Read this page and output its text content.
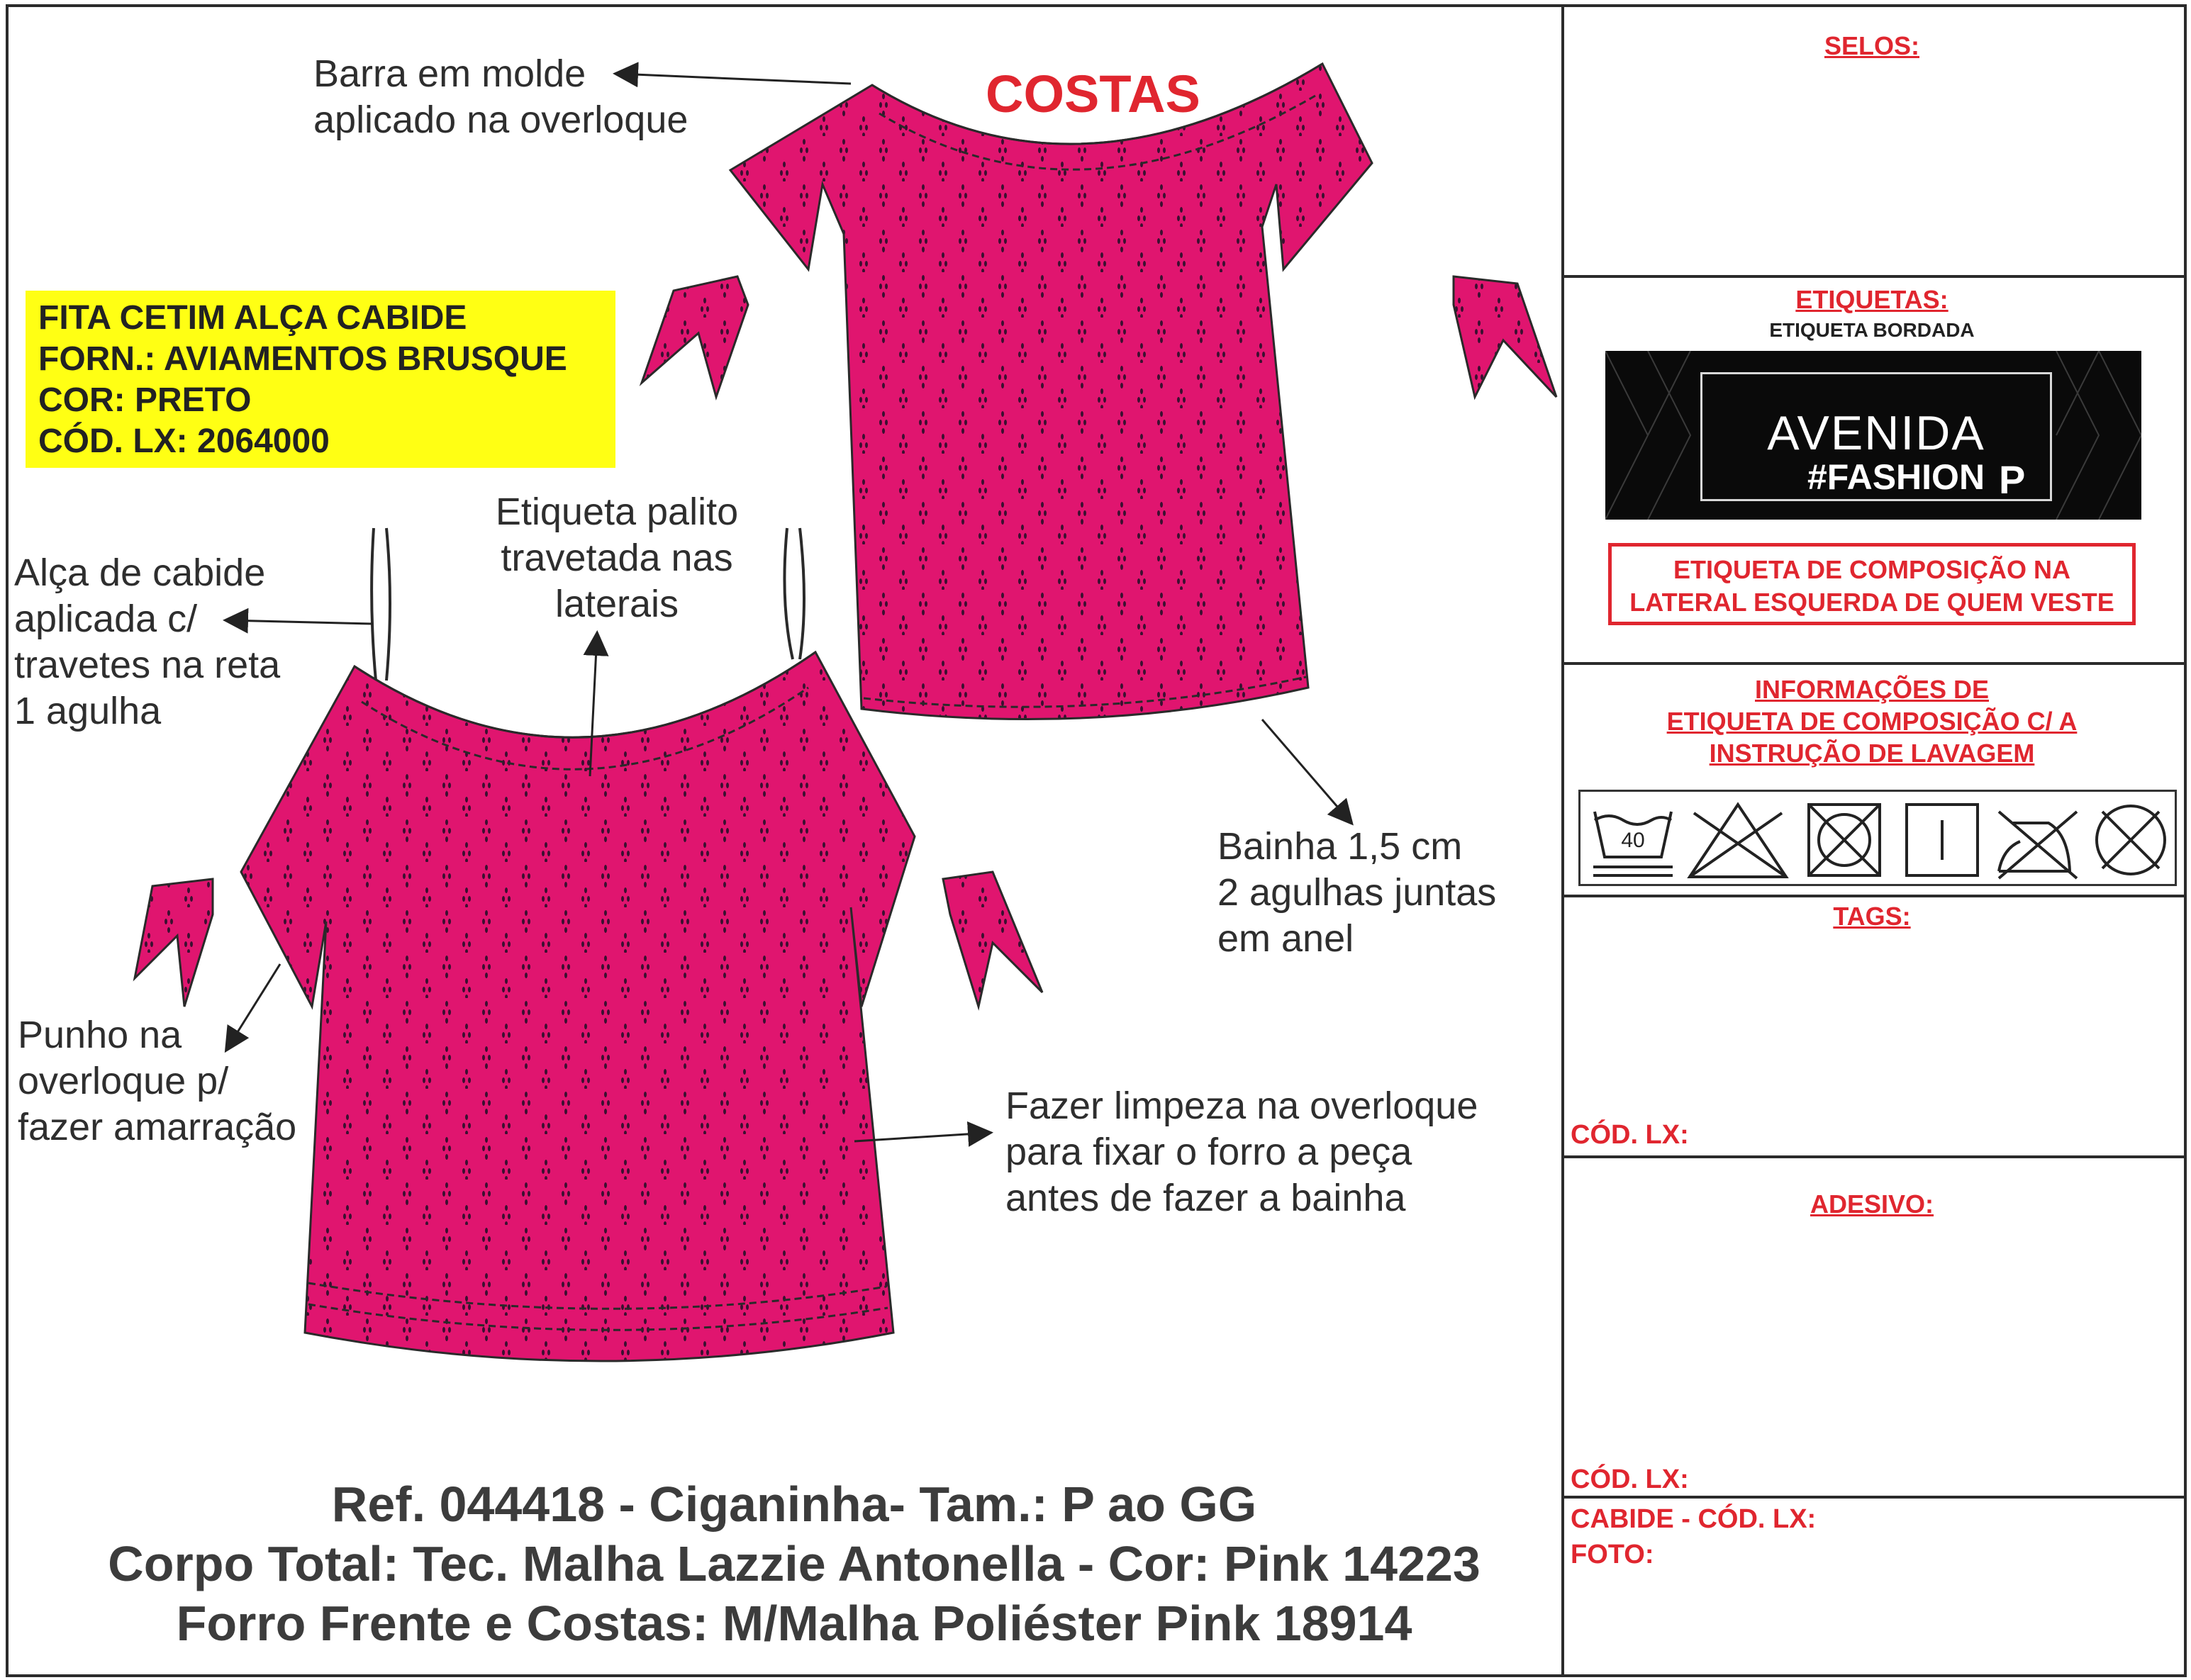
COSTAS
Barra em molde
aplicado na overloque
Etiqueta palito
travetada nas
laterais
Alça de cabide
aplicada c/
travetes na reta
1 agulha
Bainha 1,5 cm
2 agulhas juntas
em anel
Punho na
overloque p/
fazer amarração	Fazer limpeza na overloque
para fixar o forro a peça
antes de fazer a bainha
FITA CETIM ALÇA CABIDE
FORN.: AVIAMENTOS BRUSQUE
COR: PRETO
CÓD. LX: 2064000
Ref. 044418 - Ciganinha- Tam.: P ao GG
Corpo Total: Tec. Malha Lazzie Antonella - Cor: Pink 14223
Forro Frente e Costas: M/Malha Poliéster Pink 18914
SELOS:
ETIQUETAS:
ETIQUETA BORDADA
AVENIDA
#FASHION P
ETIQUETA DE COMPOSIÇÃO NA
LATERAL ESQUERDA DE QUEM VESTE
INFORMAÇÕES DE
ETIQUETA DE COMPOSIÇÃO C/ A
INSTRUÇÃO DE LAVAGEM
40
TAGS:
CÓD. LX:
ADESIVO:
CÓD. LX:
CABIDE - CÓD. LX:
FOTO:
